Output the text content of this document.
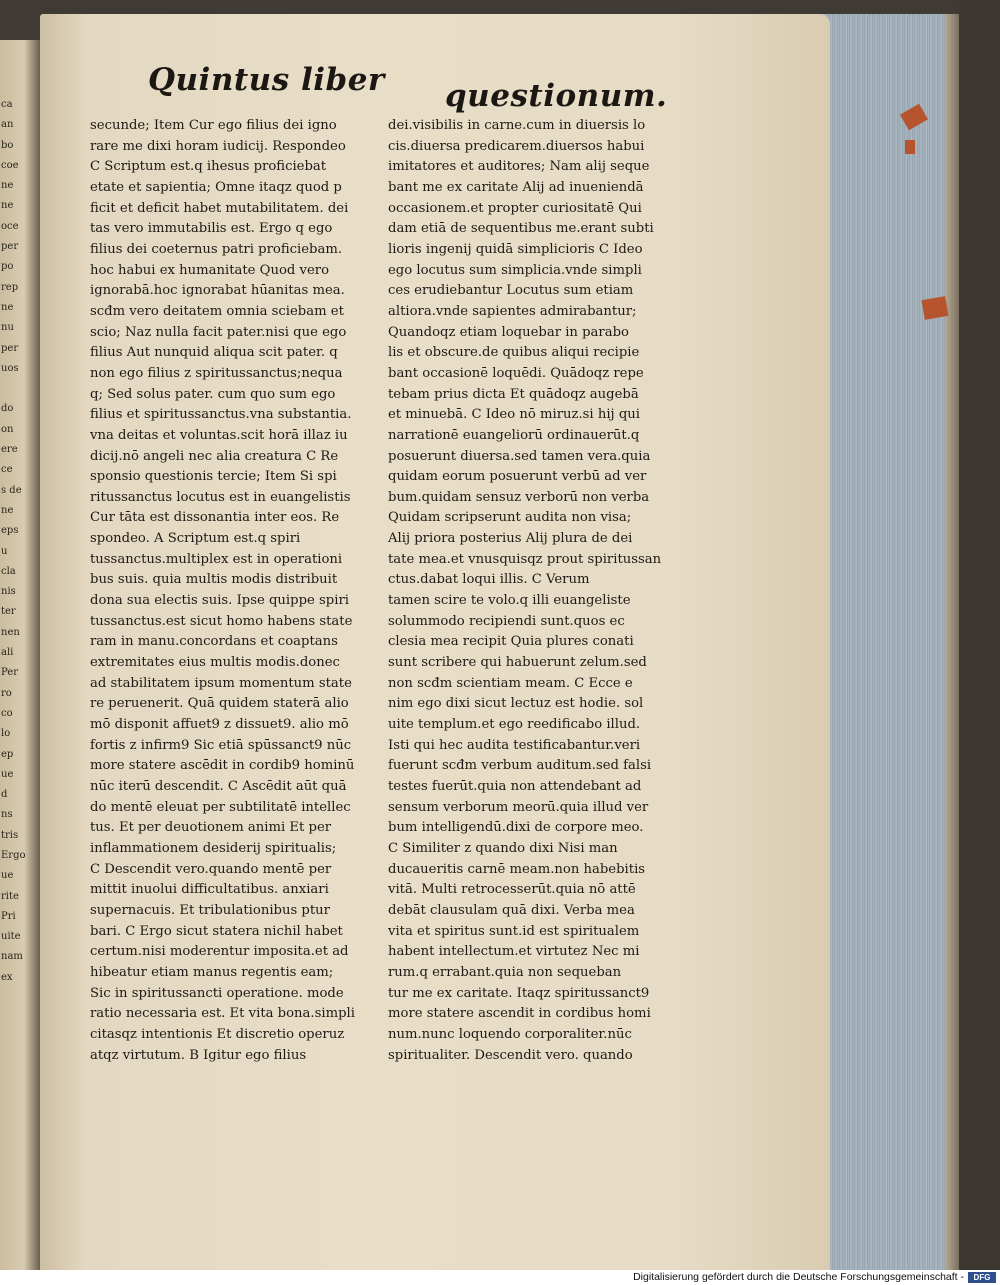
ca
an
bo
coe
ne
ne
oce
per
po
rep
ne
nu
per
uos

do
on
ere
ce
s de
ne
eps
u
cla
nis
ter
nen
ali
Per
ro
co
lo
ep
ue
d
ns
tris
Ergo
ue
rite
Pri
uite
nam
ex
Quintus liber questionum.
secunde; Item Cur ego filius dei igno
rare me dixi horam iudicij. Respondeo
C Scriptum est.q ihesus proficiebat
etate et sapientia; Omne itaqz quod p
ficit et deficit habet mutabilitatem. dei
tas vero immutabilis est. Ergo q ego
filius dei coeternus patri proficiebam.
hoc habui ex humanitate Quod vero
ignorabā.hoc ignorabat hūanitas mea.
scđm vero deitatem omnia sciebam et
scio; Naz nulla facit pater.nisi que ego
filius Aut nunquid aliqua scit pater. q
non ego filius z spiritussanctus;nequa
q; Sed solus pater. cum quo sum ego
filius et spiritussanctus.vna substantia.
vna deitas et voluntas.scit horā illaz iu
dicij.nō angeli nec alia creatura C Re
sponsio questionis tercie; Item Si spi
ritussanctus locutus est in euangelistis
Cur tāta est dissonantia inter eos. Re
spondeo. A Scriptum est.q spiri
tussanctus.multiplex est in operationi
bus suis. quia multis modis distribuit
dona sua electis suis. Ipse quippe spiri
tussanctus.est sicut homo habens state
ram in manu.concordans et coaptans
extremitates eius multis modis.donec
ad stabilitatem ipsum momentum state
re peruenerit. Quā quidem staterā alio
mō disponit affuet9 z dissuet9. alio mō
fortis z infirm9 Sic etiā spūssanct9 nūc
more statere ascēdit in cordib9 hominū
nūc iterū descendit. C Ascēdit aūt quā
do mentē eleuat per subtilitatē intellec
tus. Et per deuotionem animi Et per
inflammationem desiderij spiritualis;
C Descendit vero.quando mentē per
mittit inuolui difficultatibus. anxiari
supernacuis. Et tribulationibus ptur
bari. C Ergo sicut statera nichil habet
certum.nisi moderentur imposita.et ad
hibeatur etiam manus regentis eam;
Sic in spiritussancti operatione. mode
ratio necessaria est. Et vita bona.simpli
citasqz intentionis Et discretio operuz
atqz virtutum. B Igitur ego filius
dei.visibilis in carne.cum in diuersis lo
cis.diuersa predicarem.diuersos habui
imitatores et auditores; Nam alij seque
bant me ex caritate Alij ad inueniendā
occasionem.et propter curiositatē Qui
dam etiā de sequentibus me.erant subti
lioris ingenij quidā simplicioris C Ideo
ego locutus sum simplicia.vnde simpli
ces erudiebantur Locutus sum etiam
altiora.vnde sapientes admirabantur;
Quandoqz etiam loquebar in parabo
lis et obscure.de quibus aliqui recipie
bant occasionē loquēdi. Quādoqz repe
tebam prius dicta Et quādoqz augebā
et minuebā. C Ideo nō miruz.si hij qui
narrationē euangeliorū ordinauerūt.q
posuerunt diuersa.sed tamen vera.quia
quidam eorum posuerunt verbū ad ver
bum.quidam sensuz verborū non verba
Quidam scripserunt audita non visa;
Alij priora posterius Alij plura de dei
tate mea.et vnusquisqz prout spiritussan
ctus.dabat loqui illis. C Verum
tamen scire te volo.q illi euangeliste
solummodo recipiendi sunt.quos ec
clesia mea recipit Quia plures conati
sunt scribere qui habuerunt zelum.sed
non scđm scientiam meam. C Ecce e
nim ego dixi sicut lectuz est hodie. sol
uite templum.et ego reedificabo illud.
Isti qui hec audita testificabantur.veri
fuerunt scđm verbum auditum.sed falsi
testes fuerūt.quia non attendebant ad
sensum verborum meorū.quia illud ver
bum intelligendū.dixi de corpore meo.
C Similiter z quando dixi Nisi man
ducaueritis carnē meam.non habebitis
vitā. Multi retrocesserūt.quia nō attē
debāt clausulam quā dixi. Verba mea
vita et spiritus sunt.id est spiritualem
habent intellectum.et virtutez Nec mi
rum.q errabant.quia non sequeban
tur me ex caritate. Itaqz spiritussanct9
more statere ascendit in cordibus homi
num.nunc loquendo corporaliter.nūc
spiritualiter. Descendit vero. quando
Digitalisierung gefördert durch die Deutsche Forschungsgemeinschaft -	DFG
